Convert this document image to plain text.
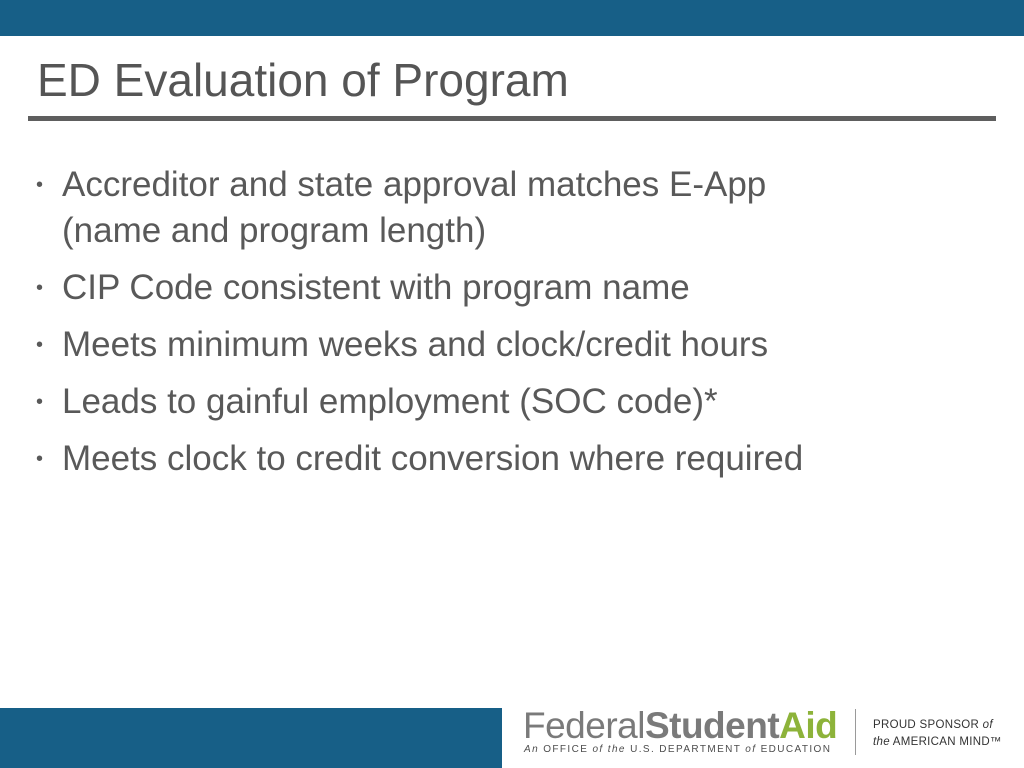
ED Evaluation of Program
• Accreditor and state approval matches E-App
(name and program length)
• CIP Code consistent with program name
• Meets minimum weeks and clock/credit hours
• Leads to gainful employment (SOC code)*
• Meets clock to credit conversion where required
FederalStudentAid
An OFFICE of the U.S. DEPARTMENT of EDUCATION
PROUD SPONSOR of
the AMERICAN MIND™
